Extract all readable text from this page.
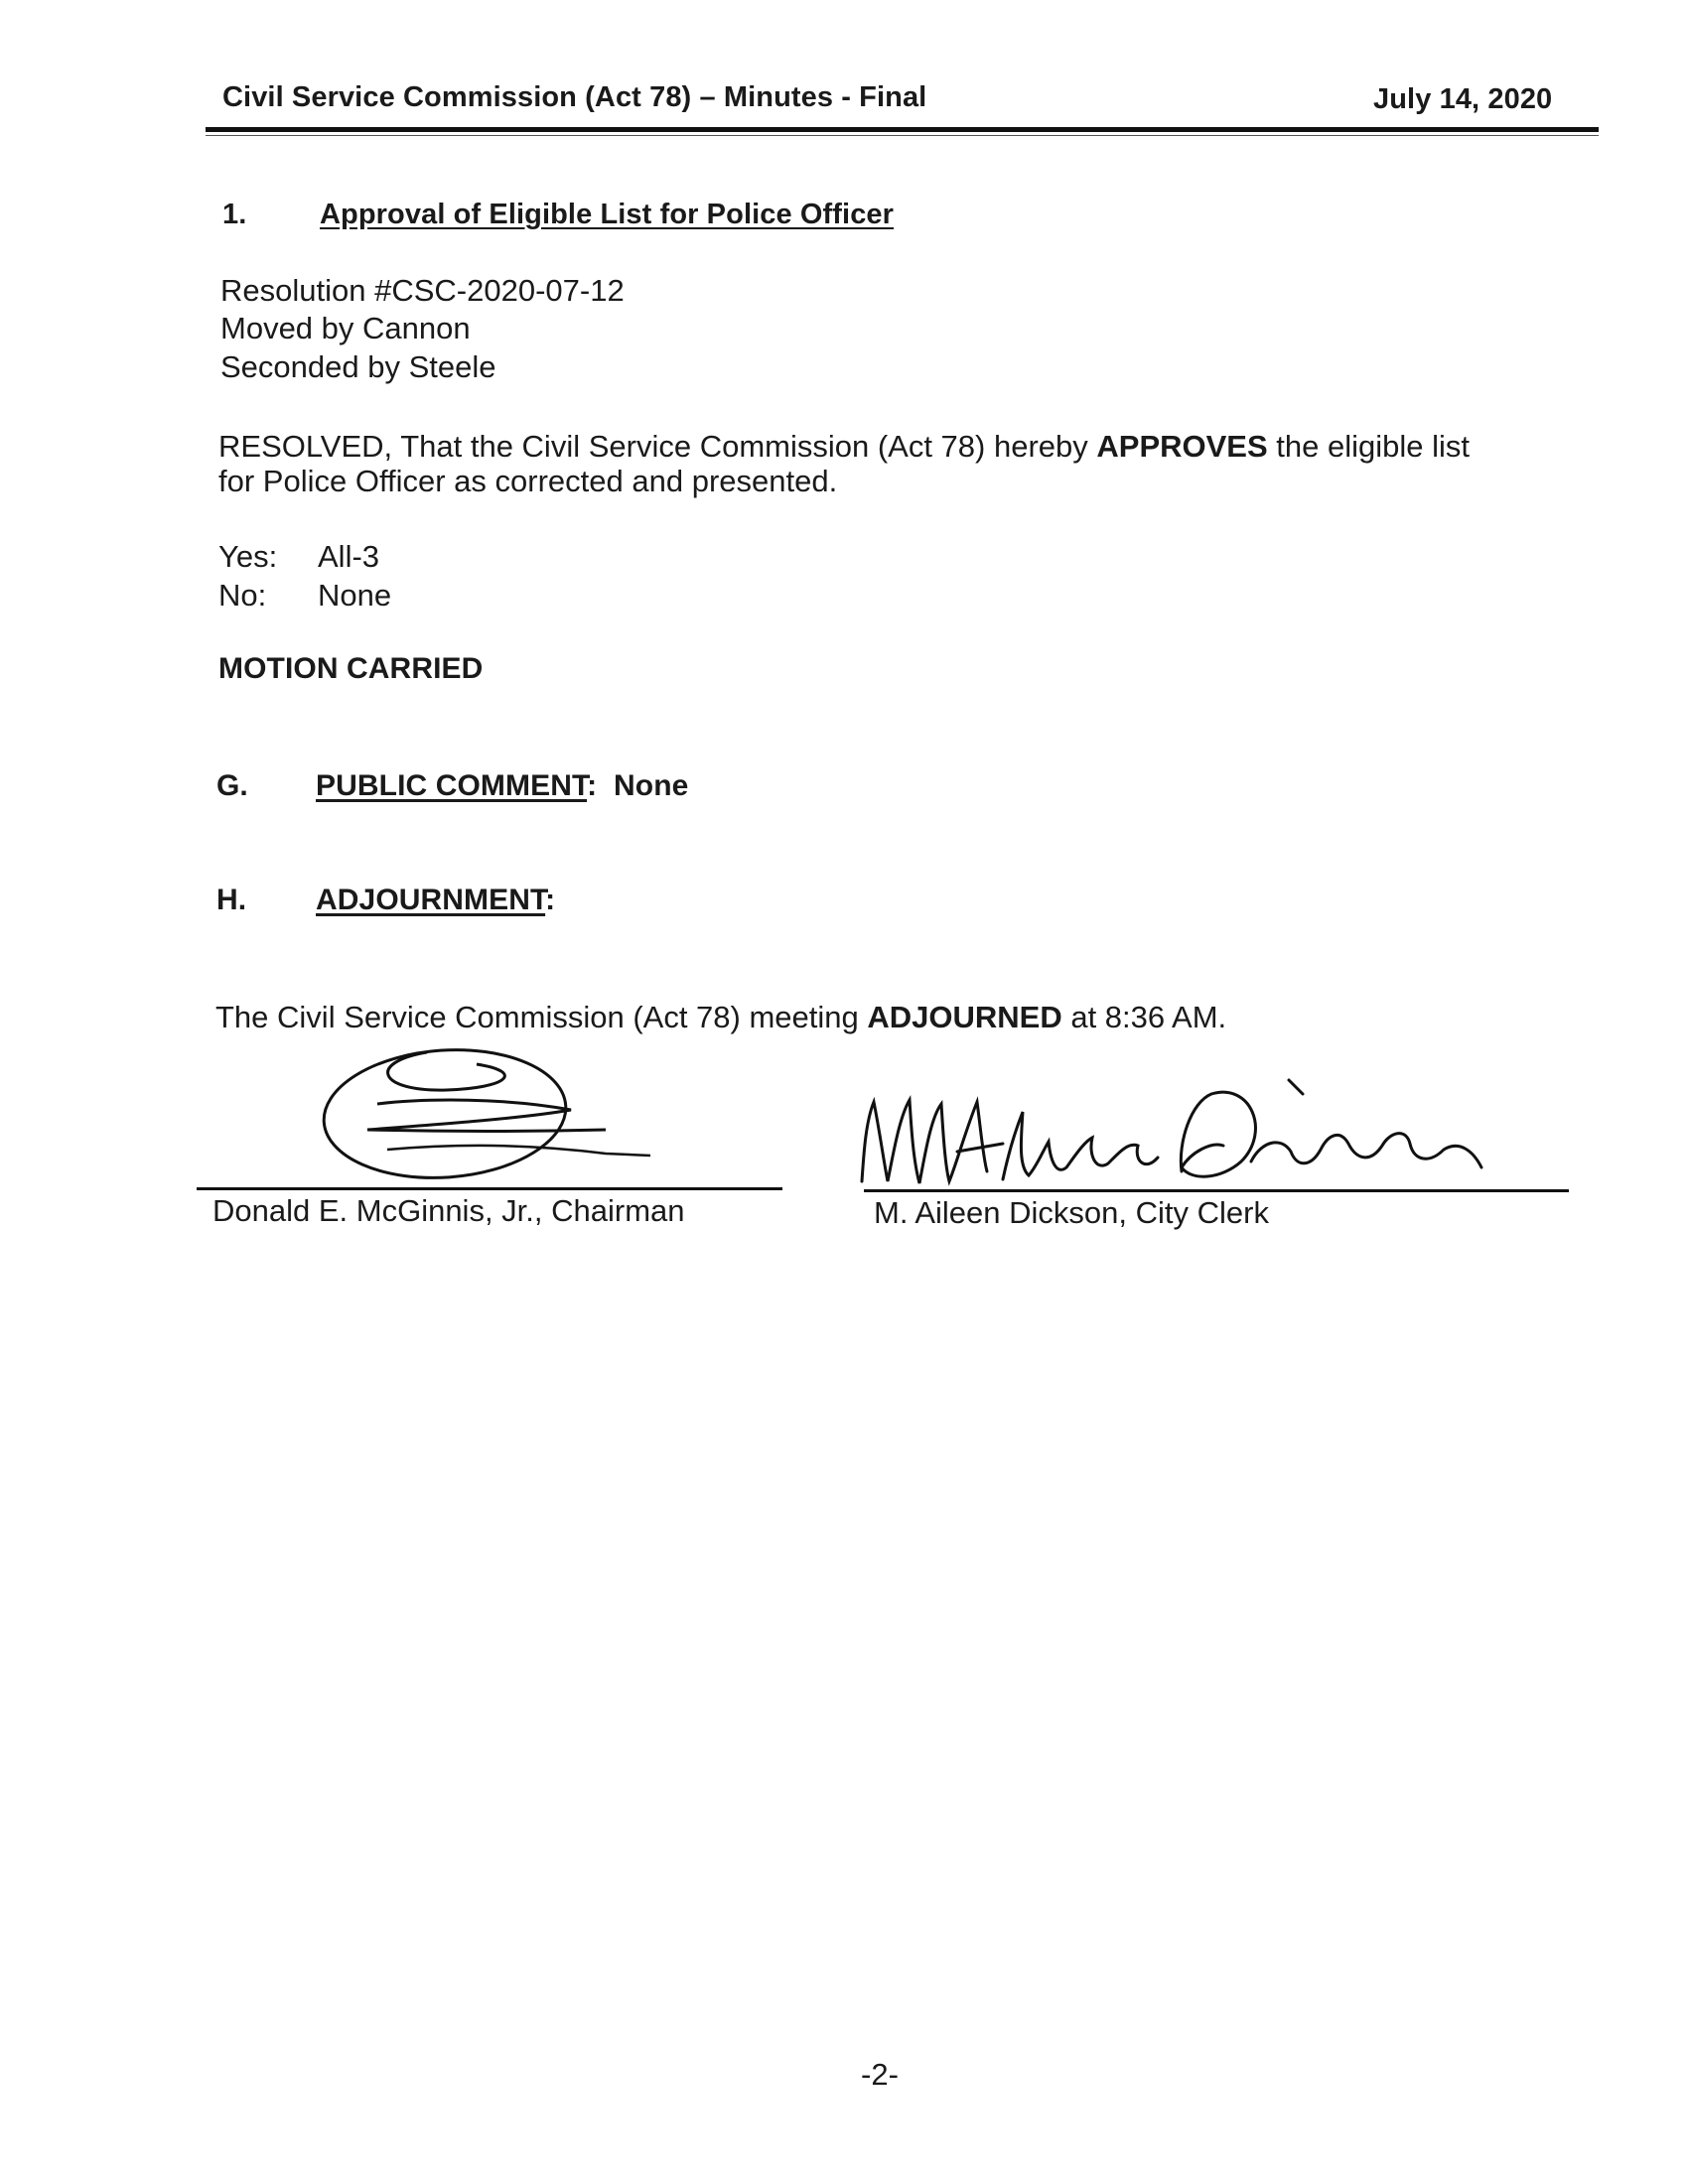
Civil Service Commission (Act 78) – Minutes - Final	July 14, 2020
1.	Approval of Eligible List for Police Officer
Resolution #CSC-2020-07-12
Moved by Cannon
Seconded by Steele
RESOLVED, That the Civil Service Commission (Act 78) hereby APPROVES the eligible list
for Police Officer as corrected and presented.
Yes: All-3
No: None
MOTION CARRIED
G. PUBLIC COMMENT: None
H. ADJOURNMENT:
The Civil Service Commission (Act 78) meeting ADJOURNED at 8:36 AM.
Donald E. McGinnis, Jr., Chairman	M. Aileen Dickson, City Clerk
-2-
